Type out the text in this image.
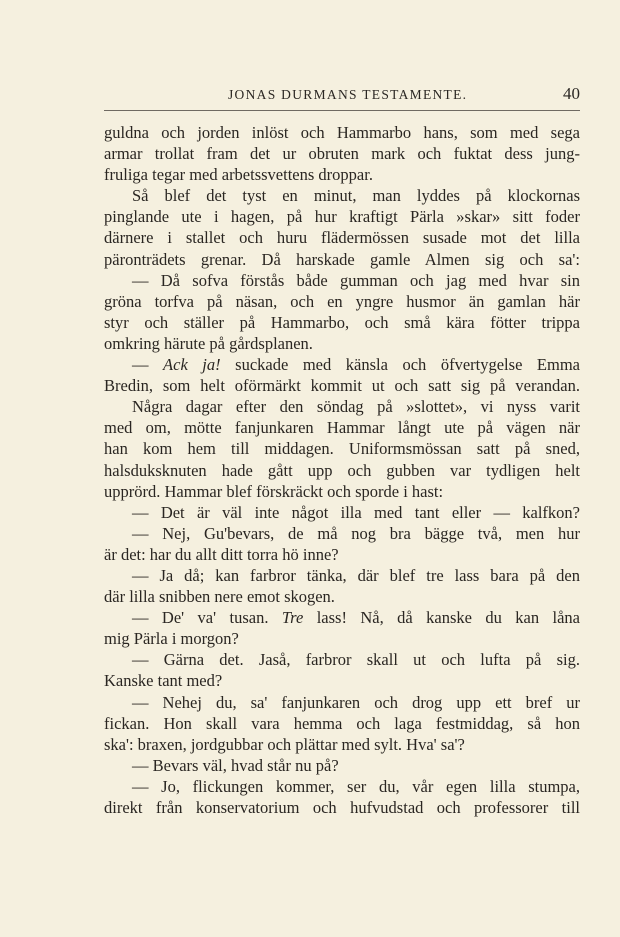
JONAS DURMANS TESTAMENTE.	40
guldna och jorden inlöst och Hammarbo hans, som med sega
armar trollat fram det ur obruten mark och fuktat dess jung-
fruliga tegar med arbetssvettens droppar.
Så blef det tyst en minut, man lyddes på klockornas
pinglande ute i hagen, på hur kraftigt Pärla »skar» sitt foder
därnere i stallet och huru flädermössen susade mot det lilla
päronträdets grenar. Då harskade gamle Almen sig och sa':
— Då sofva förstås både gumman och jag med hvar sin
gröna torfva på näsan, och en yngre husmor än gamlan här
styr och ställer på Hammarbo, och små kära fötter trippa
omkring härute på gårdsplanen.
— Ack ja! suckade med känsla och öfvertygelse Emma
Bredin, som helt oförmärkt kommit ut och satt sig på verandan.
Några dagar efter den söndag på »slottet», vi nyss varit
med om, mötte fanjunkaren Hammar långt ute på vägen när
han kom hem till middagen. Uniformsmössan satt på sned,
halsduksknuten hade gått upp och gubben var tydligen helt
upprörd. Hammar blef förskräckt och sporde i hast:
— Det är väl inte något illa med tant eller — kalfkon?
— Nej, Gu'bevars, de må nog bra bägge två, men hur
är det: har du allt ditt torra hö inne?
— Ja då; kan farbror tänka, där blef tre lass bara på den
där lilla snibben nere emot skogen.
— De' va' tusan. Tre lass! Nå, då kanske du kan låna
mig Pärla i morgon?
— Gärna det. Jaså, farbror skall ut och lufta på sig.
Kanske tant med?
— Nehej du, sa' fanjunkaren och drog upp ett bref ur
fickan. Hon skall vara hemma och laga festmiddag, så hon
ska': braxen, jordgubbar och plättar med sylt. Hva' sa'?
— Bevars väl, hvad står nu på?
— Jo, flickungen kommer, ser du, vår egen lilla stumpa,
direkt från konservatorium och hufvudstad och professorer till
